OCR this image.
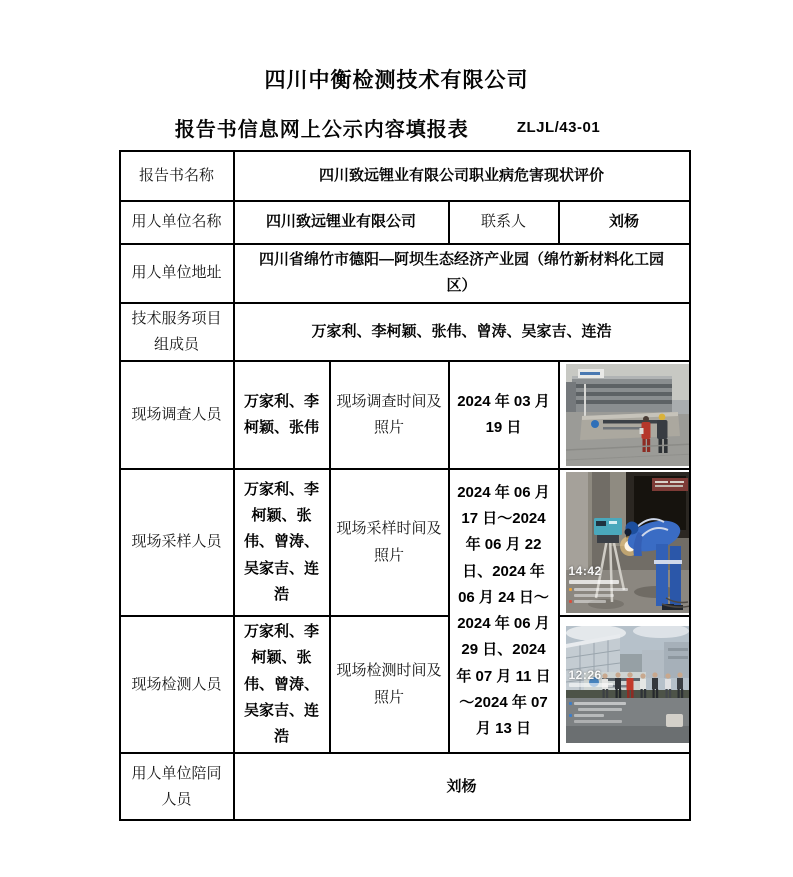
四川中衡检测技术有限公司
报告书信息网上公示内容填报表	ZLJL/43-01
报告书名称	四川致远锂业有限公司职业病危害现状评价			
用人单位名称	四川致远锂业有限公司		联系人	刘杨
用人单位地址	四川省绵竹市德阳—阿坝生态经济产业园（绵竹新材料化工园区）			
技术服务项目组成员	万家利、李柯颖、张伟、曾涛、吴家吉、连浩			
现场调查人员	万家利、李柯颖、张伟	现场调查时间及照片	2024 年 03 月 19 日	

现场采样人员	万家利、李柯颖、张伟、曾涛、吴家吉、连浩	现场采样时间及照片	2024 年 06 月 17 日～2024 年 06 月 22 日、2024 年 06 月 24 日～2024 年 06 月 29 日、2024 年 07 月 11 日～2024 年 07 月 13 日	14:42

现场检测人员	万家利、李柯颖、张伟、曾涛、吴家吉、连浩	现场检测时间及照片		12:26

用人单位陪同人员	刘杨			
